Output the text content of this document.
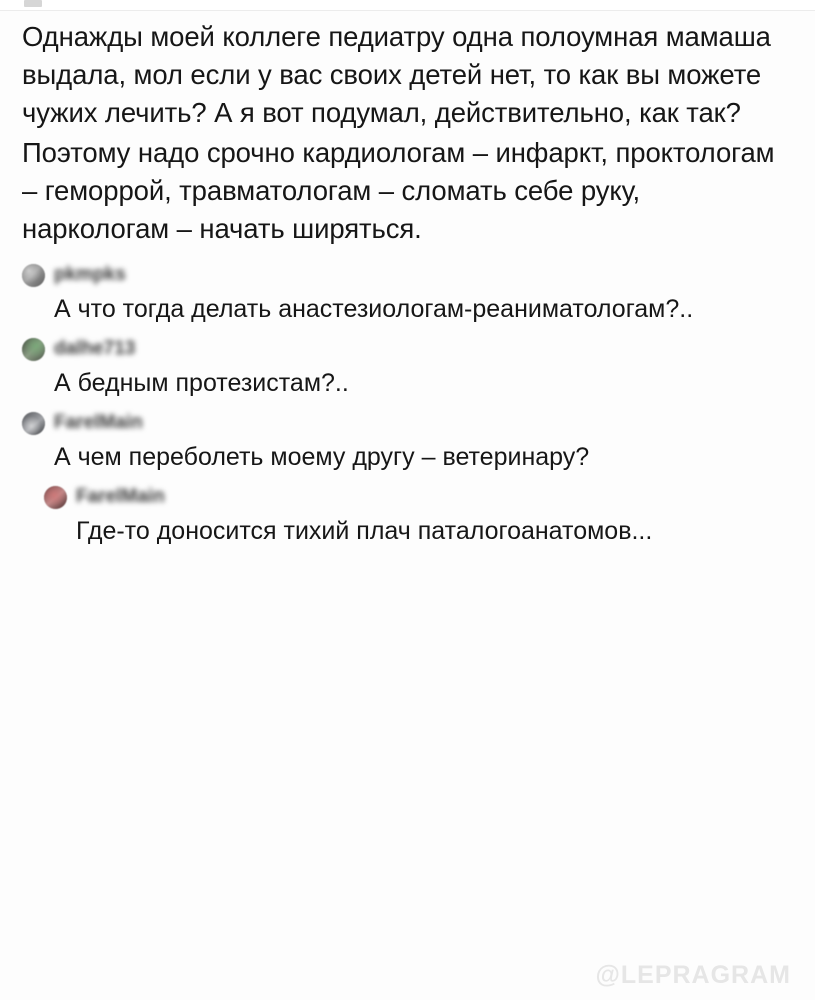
Однажды моей коллеге педиатру одна полоумная мамаша выдала, мол если у вас своих детей нет, то как вы можете чужих лечить? А я вот подумал, действительно, как так?

Поэтому надо срочно кардиологам – инфаркт, проктологам – геморрой, травматологам – сломать себе руку, наркологам – начать ширяться.

pkmpks
А что тогда делать анастезиологам-реаниматологам?..
dalhe713
А бедным протезистам?..
FarelMain
А чем переболеть моему другу – ветеринару?
FarelMain
Где-то доносится тихий плач паталогоанатомов...
@LEPRAGRAM
